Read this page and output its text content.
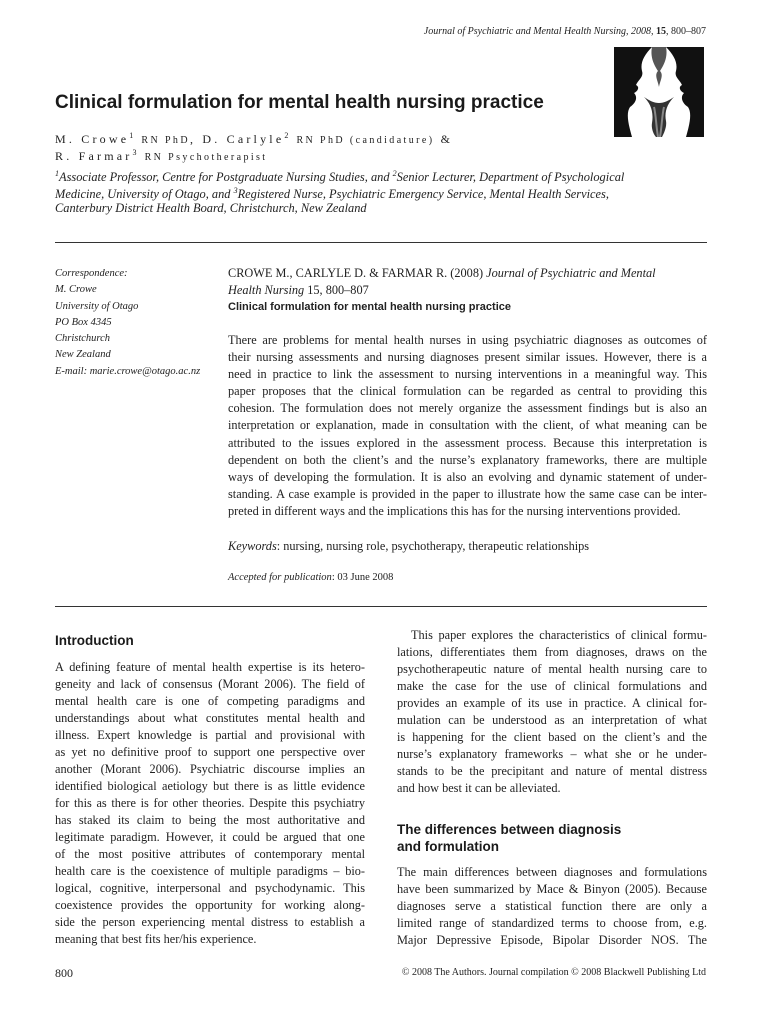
Journal of Psychiatric and Mental Health Nursing, 2008, 15, 800–807
Clinical formulation for mental health nursing practice
M. Crowe$^1$ RN PhD, D. Carlyle$^2$ RN PhD (candidature) &
R. Farmar$^3$ RN Psychotherapist
$^1$Associate Professor, Centre for Postgraduate Nursing Studies, and $^2$Senior Lecturer, Department of Psychological
Medicine, University of Otago, and $^3$Registered Nurse, Psychiatric Emergency Service, Mental Health Services,
Canterbury District Health Board, Christchurch, New Zealand
Correspondence:
M. Crowe
University of Otago
PO Box 4345
Christchurch
New Zealand
E-mail: marie.crowe@otago.ac.nz
CROWE M., CARLYLE D. & FARMAR R. (2008) Journal of Psychiatric and Mental
Health Nursing 15, 800–807
Clinical formulation for mental health nursing practice
There are problems for mental health nurses in using psychiatric diagnoses as outcomes of
their nursing assessments and nursing diagnoses present similar issues. However, there is a
need in practice to link the assessment to nursing interventions in a meaningful way. This
paper proposes that the clinical formulation can be regarded as central to providing this
cohesion. The formulation does not merely organize the assessment findings but is also an
interpretation or explanation, made in consultation with the client, of what meaning can be
attributed to the issues explored in the assessment process. Because this interpretation is
dependent on both the client’s and the nurse’s explanatory frameworks, there are multiple
ways of developing the formulation. It is also an evolving and dynamic statement of under-
standing. A case example is provided in the paper to illustrate how the same case can be inter-
preted in different ways and the implications this has for the nursing interventions provided.
Keywords: nursing, nursing role, psychotherapy, therapeutic relationships
Accepted for publication: 03 June 2008
Introduction
A defining feature of mental health expertise is its hetero-
geneity and lack of consensus (Morant 2006). The field of
mental health care is one of competing paradigms and
understandings about what constitutes mental health and
illness. Expert knowledge is partial and provisional with
as yet no definitive proof to support one perspective over
another (Morant 2006). Psychiatric discourse implies an
identified biological aetiology but there is as little evidence
for this as there is for other theories. Despite this psychiatry
has staked its claim to being the most authoritative and
legitimate paradigm. However, it could be argued that one
of the most positive attributes of contemporary mental
health care is the coexistence of multiple paradigms – bio-
logical, cognitive, interpersonal and psychodynamic. This
coexistence provides the opportunity for working along-
side the person experiencing mental distress to establish a
meaning that best fits her/his experience.
This paper explores the characteristics of clinical formu-
lations, differentiates them from diagnoses, draws on the
psychotherapeutic nature of mental health nursing care to
make the case for the use of clinical formulations and
provides an example of its use in practice. A clinical for-
mulation can be understood as an interpretation of what
is happening for the client based on the client’s and the
nurse’s explanatory frameworks – what she or he under-
stands to be the precipitant and nature of mental distress
and how best it can be alleviated.
The differences between diagnosis
and formulation
The main differences between diagnoses and formulations
have been summarized by Mace & Binyon (2005). Because
diagnoses serve a statistical function there are only a
limited range of standardized terms to choose from, e.g.
Major Depressive Episode, Bipolar Disorder NOS. The
800	© 2008 The Authors. Journal compilation © 2008 Blackwell Publishing Ltd
